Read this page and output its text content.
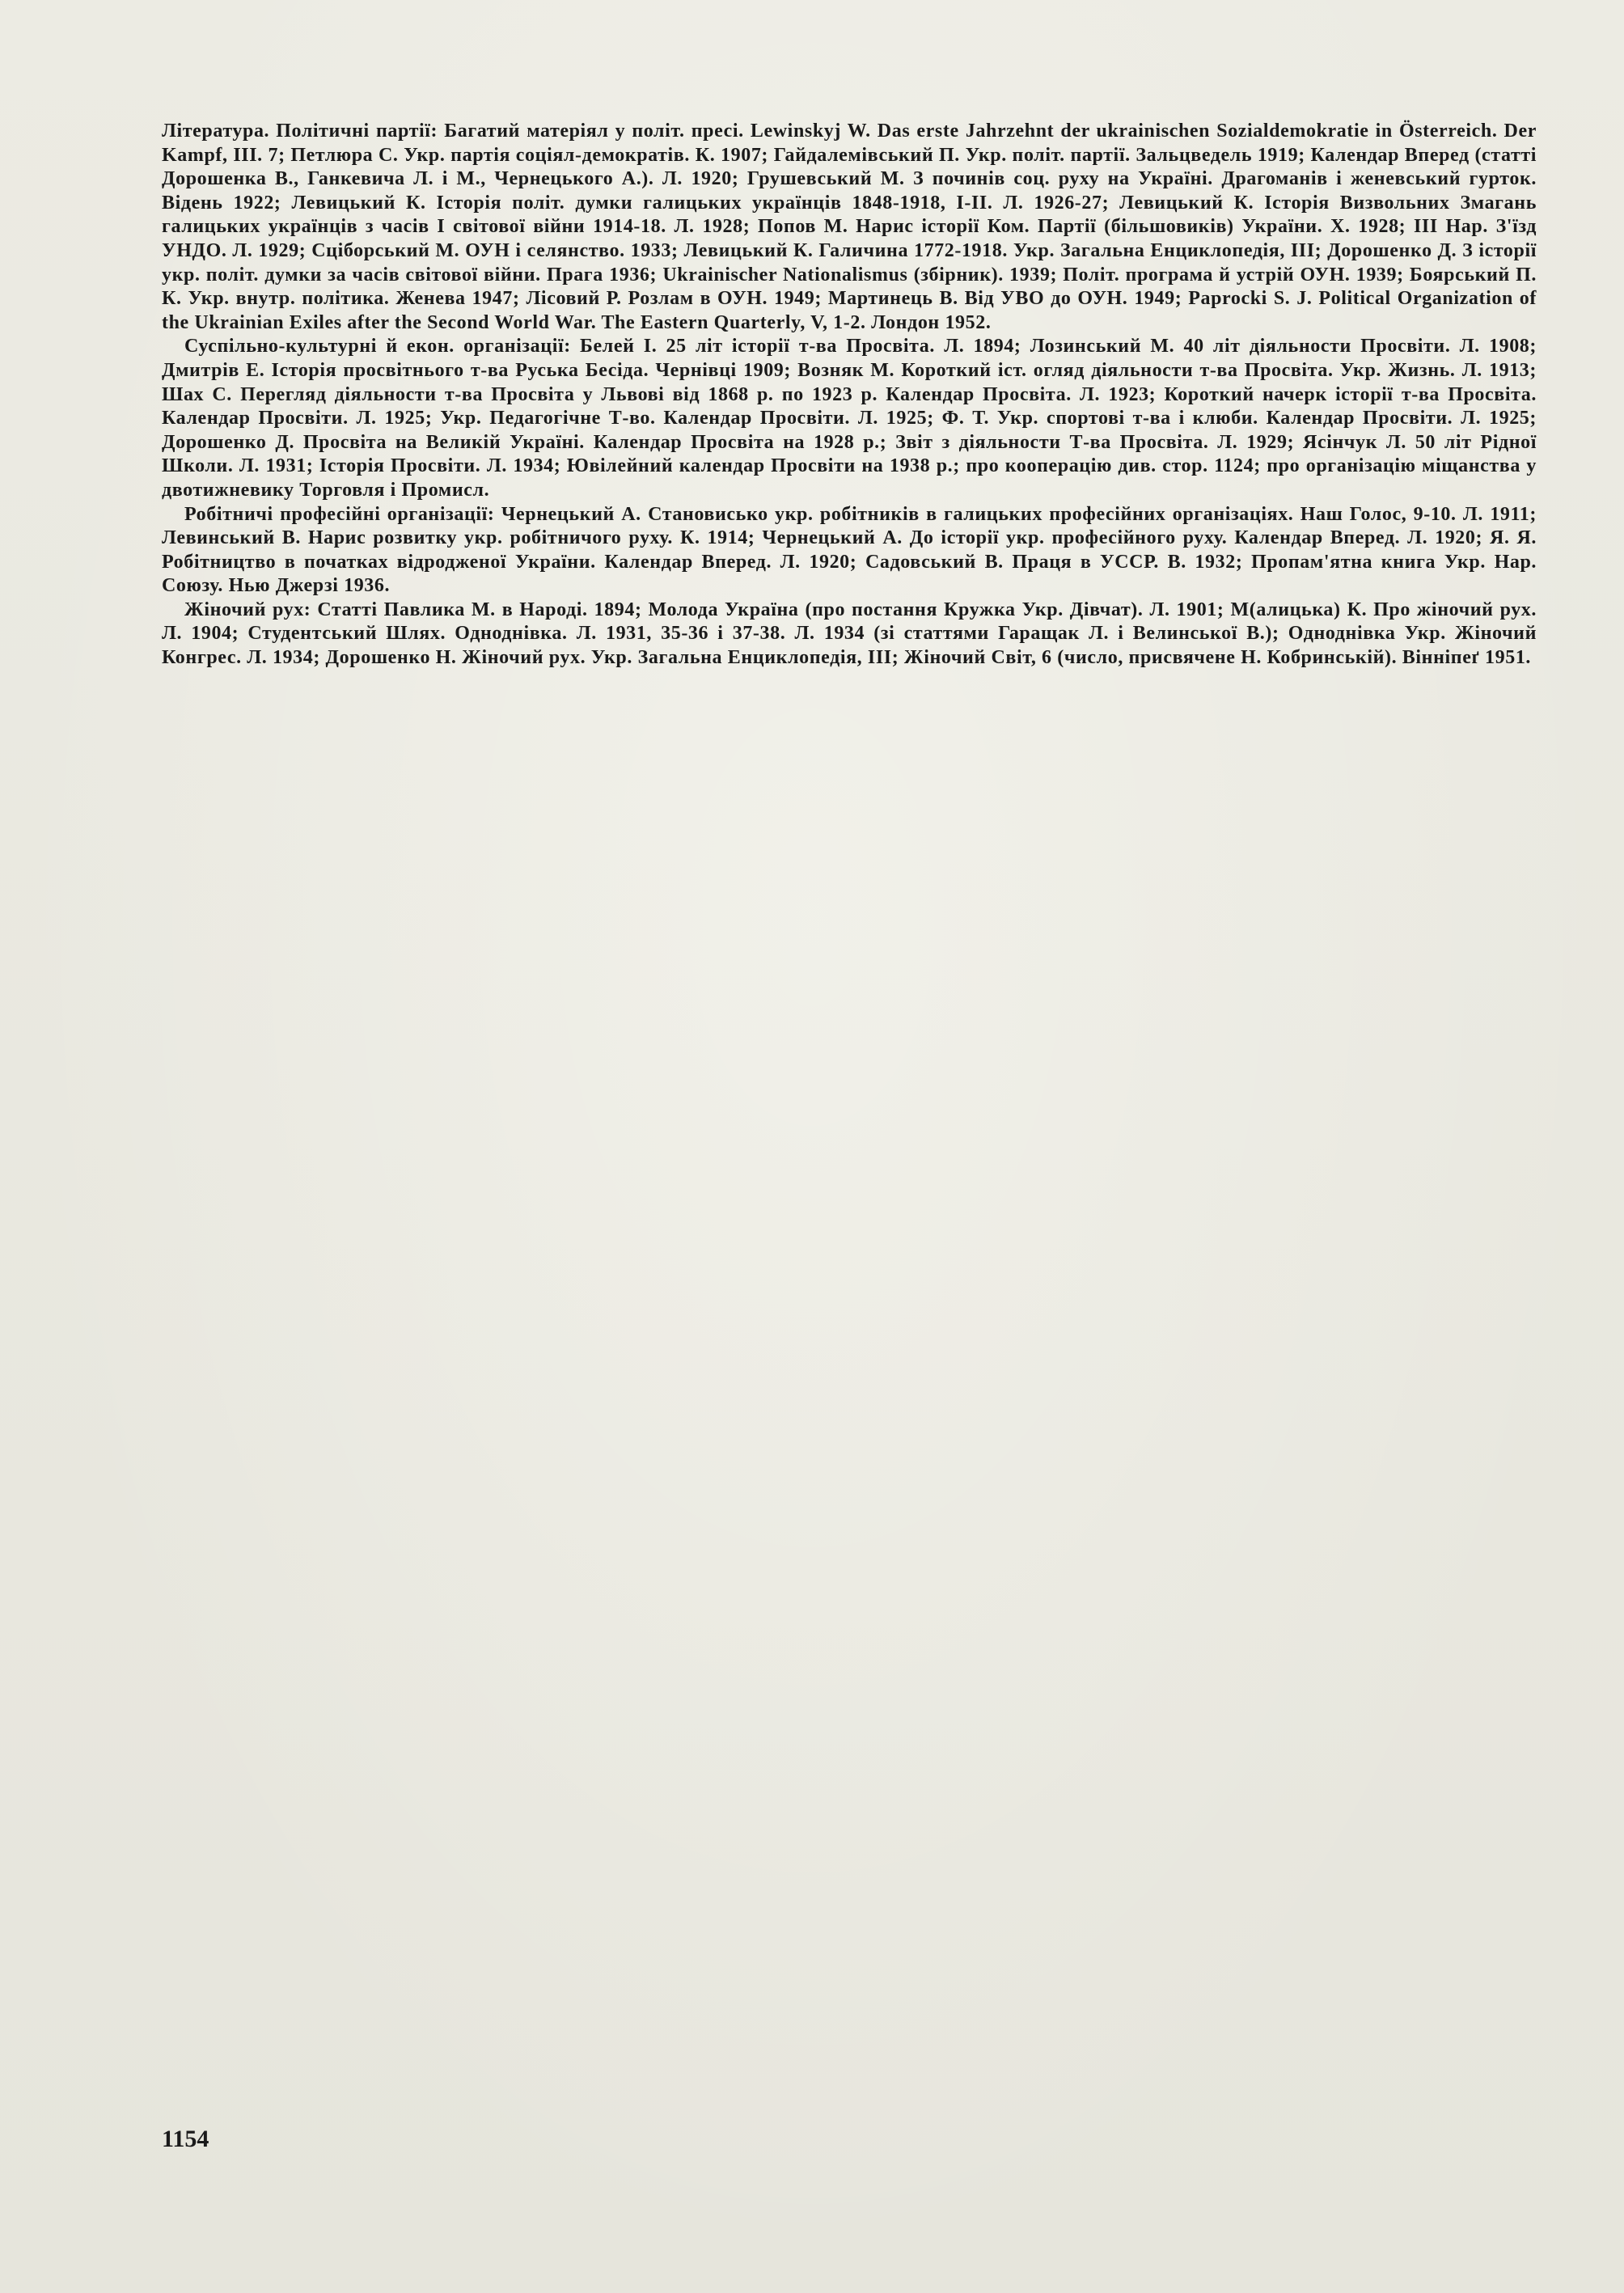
Література. Політичні партії: Багатий матеріял у політ. пресі. Lewinskyj W. Das erste Jahrzehnt der ukrainischen Sozialdemokratie in Österreich. Der Kampf, III. 7; Петлюра С. Укр. партія соціял-демократів. К. 1907; Гайдалемівський П. Укр. політ. партії. Зальцведель 1919; Календар Вперед (статті Дорошенка В., Ганкевича Л. і М., Чернецького А.). Л. 1920; Грушевський М. З починів соц. руху на Україні. Драгоманів і женевський гурток. Відень 1922; Левицький К. Історія політ. думки галицьких українців 1848-1918, I-II. Л. 1926-27; Левицький К. Історія Визвольних Змагань галицьких українців з часів I світової війни 1914-18. Л. 1928; Попов М. Нарис історії Ком. Партії (більшовиків) України. Х. 1928; III Нар. З'їзд УНДО. Л. 1929; Сціборський М. ОУН і селянство. 1933; Левицький К. Галичина 1772-1918. Укр. Загальна Енциклопедія, III; Дорошенко Д. З історії укр. політ. думки за часів світової війни. Прага 1936; Ukrainischer Nationalismus (збірник). 1939; Політ. програма й устрій ОУН. 1939; Боярський П. К. Укр. внутр. політика. Женева 1947; Лісовий Р. Розлам в ОУН. 1949; Мартинець В. Від УВО до ОУН. 1949; Paprocki S. J. Political Organization of the Ukrainian Exiles after the Second World War. The Eastern Quarterly, V, 1-2. Лондон 1952.

Суспільно-культурні й екон. організації: Белей І. 25 літ історії т-ва Просвіта. Л. 1894; Лозинський М. 40 літ діяльности Просвіти. Л. 1908; Дмитрів Е. Історія просвітнього т-ва Руська Бесіда. Чернівці 1909; Возняк М. Короткий іст. огляд діяльности т-ва Просвіта. Укр. Жизнь. Л. 1913; Шах С. Перегляд діяльности т-ва Просвіта у Львові від 1868 р. по 1923 р. Календар Просвіта. Л. 1923; Короткий начерк історії т-ва Просвіта. Календар Просвіти. Л. 1925; Укр. Педагогічне Т-во. Календар Просвіти. Л. 1925; Ф. Т. Укр. спортові т-ва і клюби. Календар Просвіти. Л. 1925; Дорошенко Д. Просвіта на Великій Україні. Календар Просвіта на 1928 р.; Звіт з діяльности Т-ва Просвіта. Л. 1929; Ясінчук Л. 50 літ Рідної Школи. Л. 1931; Історія Просвіти. Л. 1934; Ювілейний календар Просвіти на 1938 р.; про кооперацію див. стор. 1124; про організацію міщанства у двотижневику Торговля і Промисл.

Робітничі професійні організації: Чернецький А. Становисько укр. робітників в галицьких професійних організаціях. Наш Голос, 9-10. Л. 1911; Левинський В. Нарис розвитку укр. робітничого руху. К. 1914; Чернецький А. До історії укр. професійного руху. Календар Вперед. Л. 1920; Я. Я. Робітництво в початках відродженої України. Календар Вперед. Л. 1920; Садовський В. Праця в УССР. В. 1932; Пропам'ятна книга Укр. Нар. Союзу. Нью Джерзі 1936.

Жіночий рух: Статті Павлика М. в Народі. 1894; Молода Україна (про постання Кружка Укр. Дівчат). Л. 1901; М(алицька) К. Про жіночий рух. Л. 1904; Студентський Шлях. Одноднівка. Л. 1931, 35-36 і 37-38. Л. 1934 (зі статтями Гаращак Л. і Велинської В.); Одноднівка Укр. Жіночий Конгрес. Л. 1934; Дорошенко Н. Жіночий рух. Укр. Загальна Енциклопедія, III; Жіночий Світ, 6 (число, присвячене Н. Кобринській). Вінніпеґ 1951.

1154
